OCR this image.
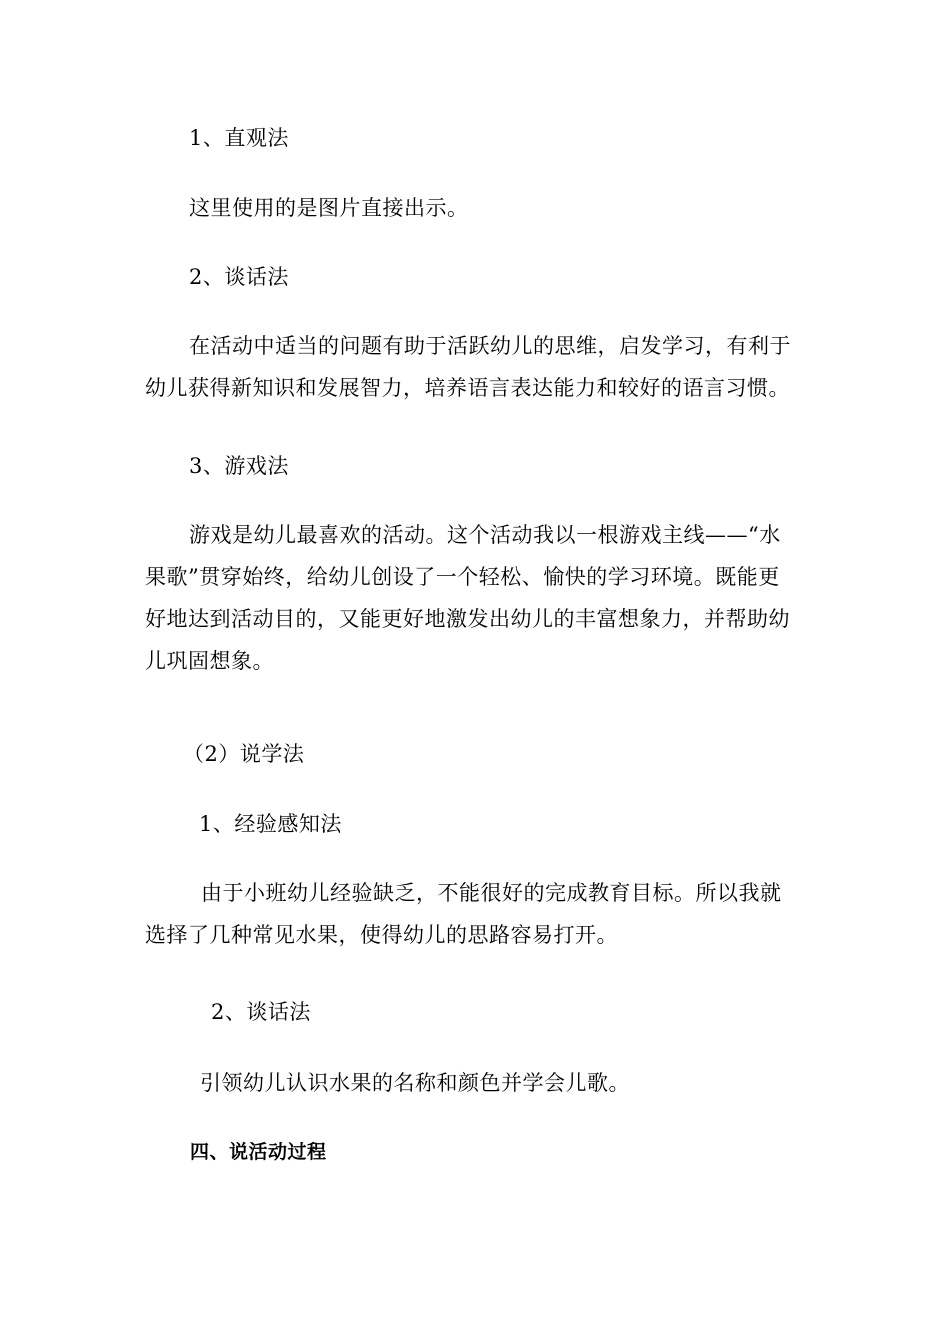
1、直观法
这里使用的是图片直接出示。
2、谈话法
在活动中适当的问题有助于活跃幼儿的思维，启发学习，有利于
幼儿获得新知识和发展智力，培养语言表达能力和较好的语言习惯。
3、游戏法
游戏是幼儿最喜欢的活动。这个活动我以一根游戏主线——“水
果歌”贯穿始终，给幼儿创设了一个轻松、愉快的学习环境。既能更
好地达到活动目的，又能更好地激发出幼儿的丰富想象力，并帮助幼
儿巩固想象。
（2）说学法
1、经验感知法
由于小班幼儿经验缺乏，不能很好的完成教育目标。所以我就
选择了几种常见水果，使得幼儿的思路容易打开。
2、谈话法
引领幼儿认识水果的名称和颜色并学会儿歌。
四、说活动过程
